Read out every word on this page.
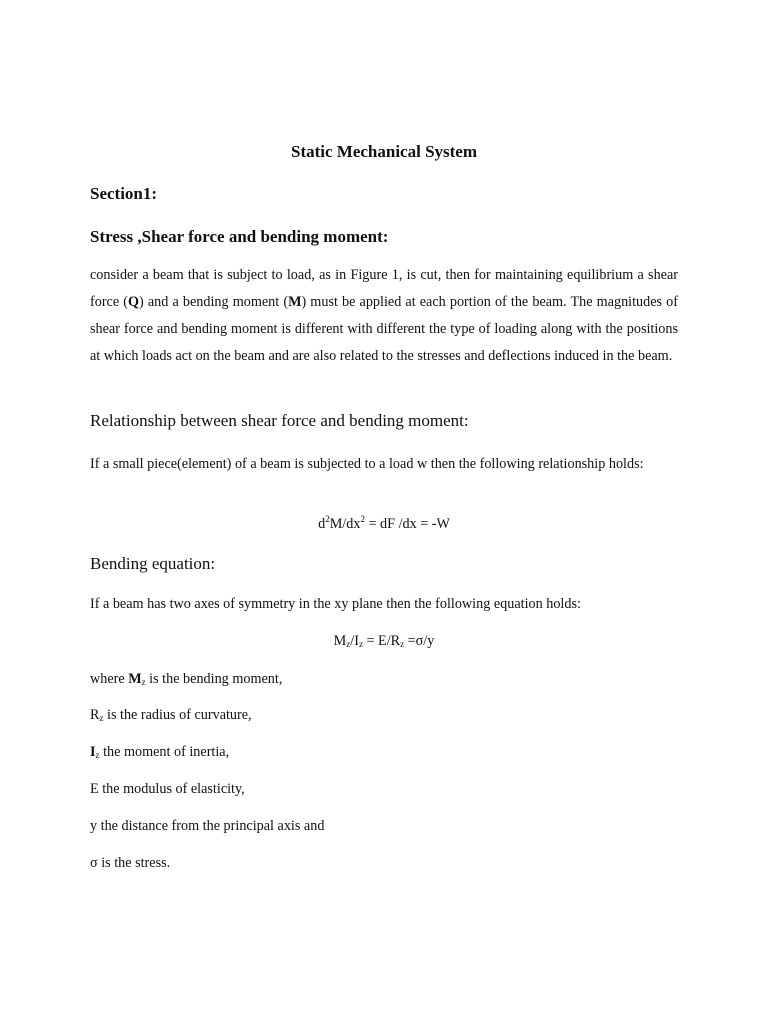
Static Mechanical System

Section1:

Stress ,Shear force and bending moment:

consider a beam that is subject to load, as in Figure 1, is cut, then for maintaining equilibrium a shear force (Q) and a bending moment (M) must be applied at each portion of the beam. The magnitudes of shear force and bending moment is different with different the type of loading along with the positions at which loads act on the beam and are also related to the stresses and deflections induced in the beam.

Relationship between shear force and bending moment:

If a small piece(element) of a beam is subjected to a load w then the following relationship holds:

$d^2M/dx^2$ = dF /dx = -W

Bending equation:

If a beam has two axes of symmetry in the xy plane then the following equation holds:

$M_z/I_z = E/R_z =\sigma/y$

where $M_z$ is the bending moment,

$R_z$ is the radius of curvature,

$I_z$ the moment of inertia,

E the modulus of elasticity,

y the distance from the principal axis and

σ is the stress.
